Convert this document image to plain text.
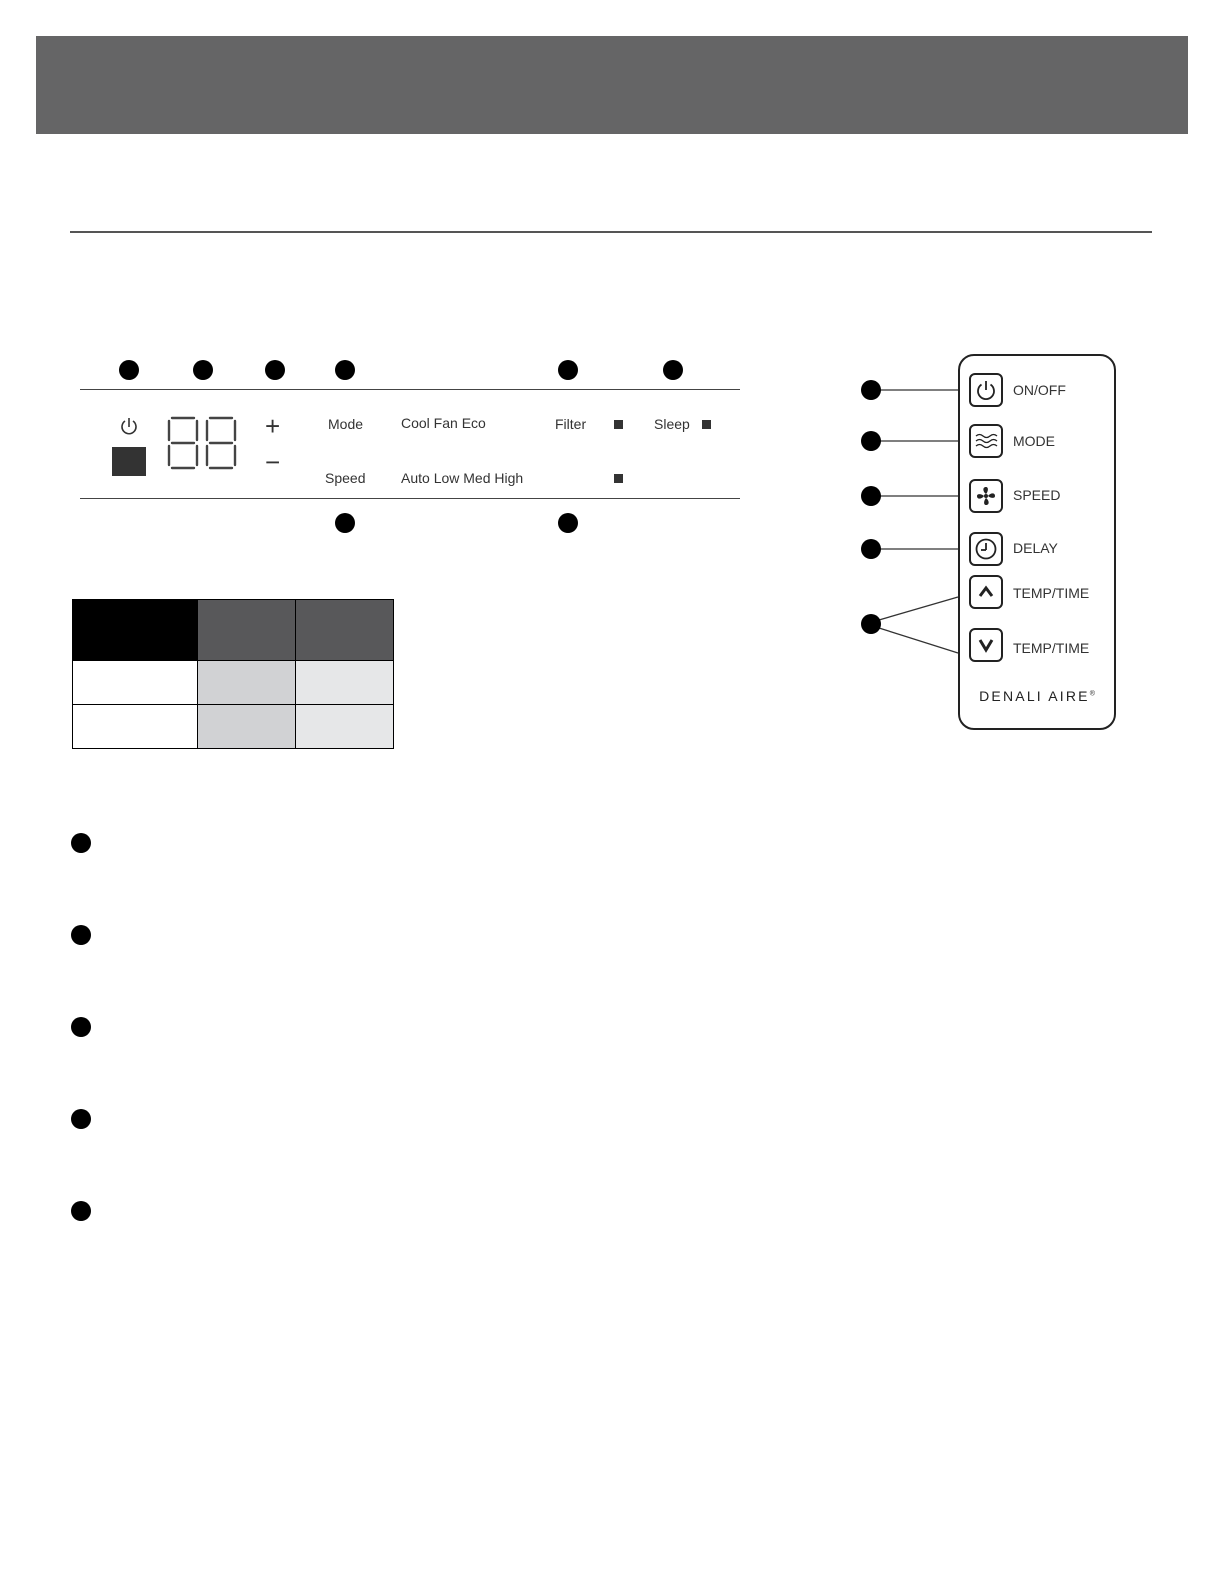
+
−
Mode	Cool Fan Eco
Speed	Auto Low Med High
Filter	Sleep

ON/OFF
MODE
SPEED
DELAY
TEMP/TIME
TEMP/TIME
DENALI AIRE®
